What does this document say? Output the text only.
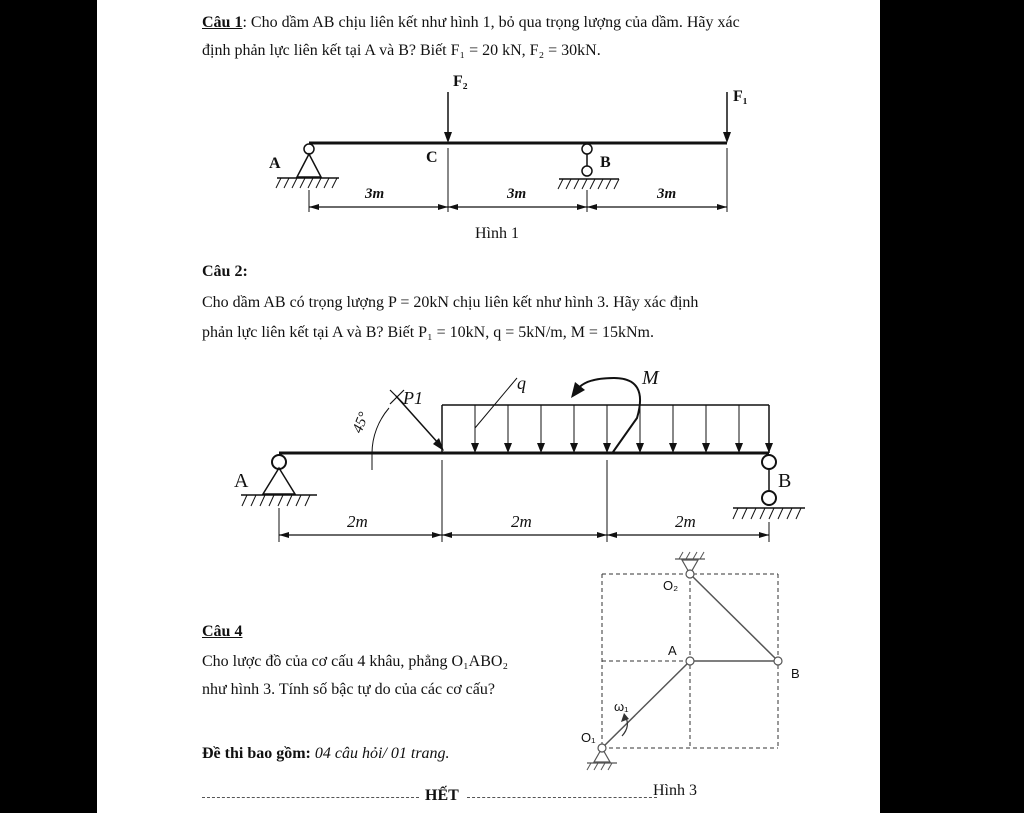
Câu 1: Cho dầm AB chịu liên kết như hình 1, bỏ qua trọng lượng của dầm. Hãy xác
định phản lực liên kết tại A và B? Biết F₁ = 20 kN, F₂ = 30kN.
Câu 2:
Cho dầm AB có trọng lượng P = 20kN chịu liên kết như hình 3. Hãy xác định
phản lực liên kết tại A và B? Biết P₁ = 10kN, q = 5kN/m, M = 15kNm.
Câu 4
Cho lược đồ của cơ cấu 4 khâu, phẳng O₁ABO₂
như hình 3. Tính số bậc tự do của các cơ cấu?
Đề thi bao gồm: 04 câu hỏi/ 01 trang.
HẾT	Hình 3
F₂
F₁
A	C	B
3m	3m	3m
Hình 1
P1
q	M
45°
A	B
2m	2m	2m
O₂
A
B
O₁
ω₁
